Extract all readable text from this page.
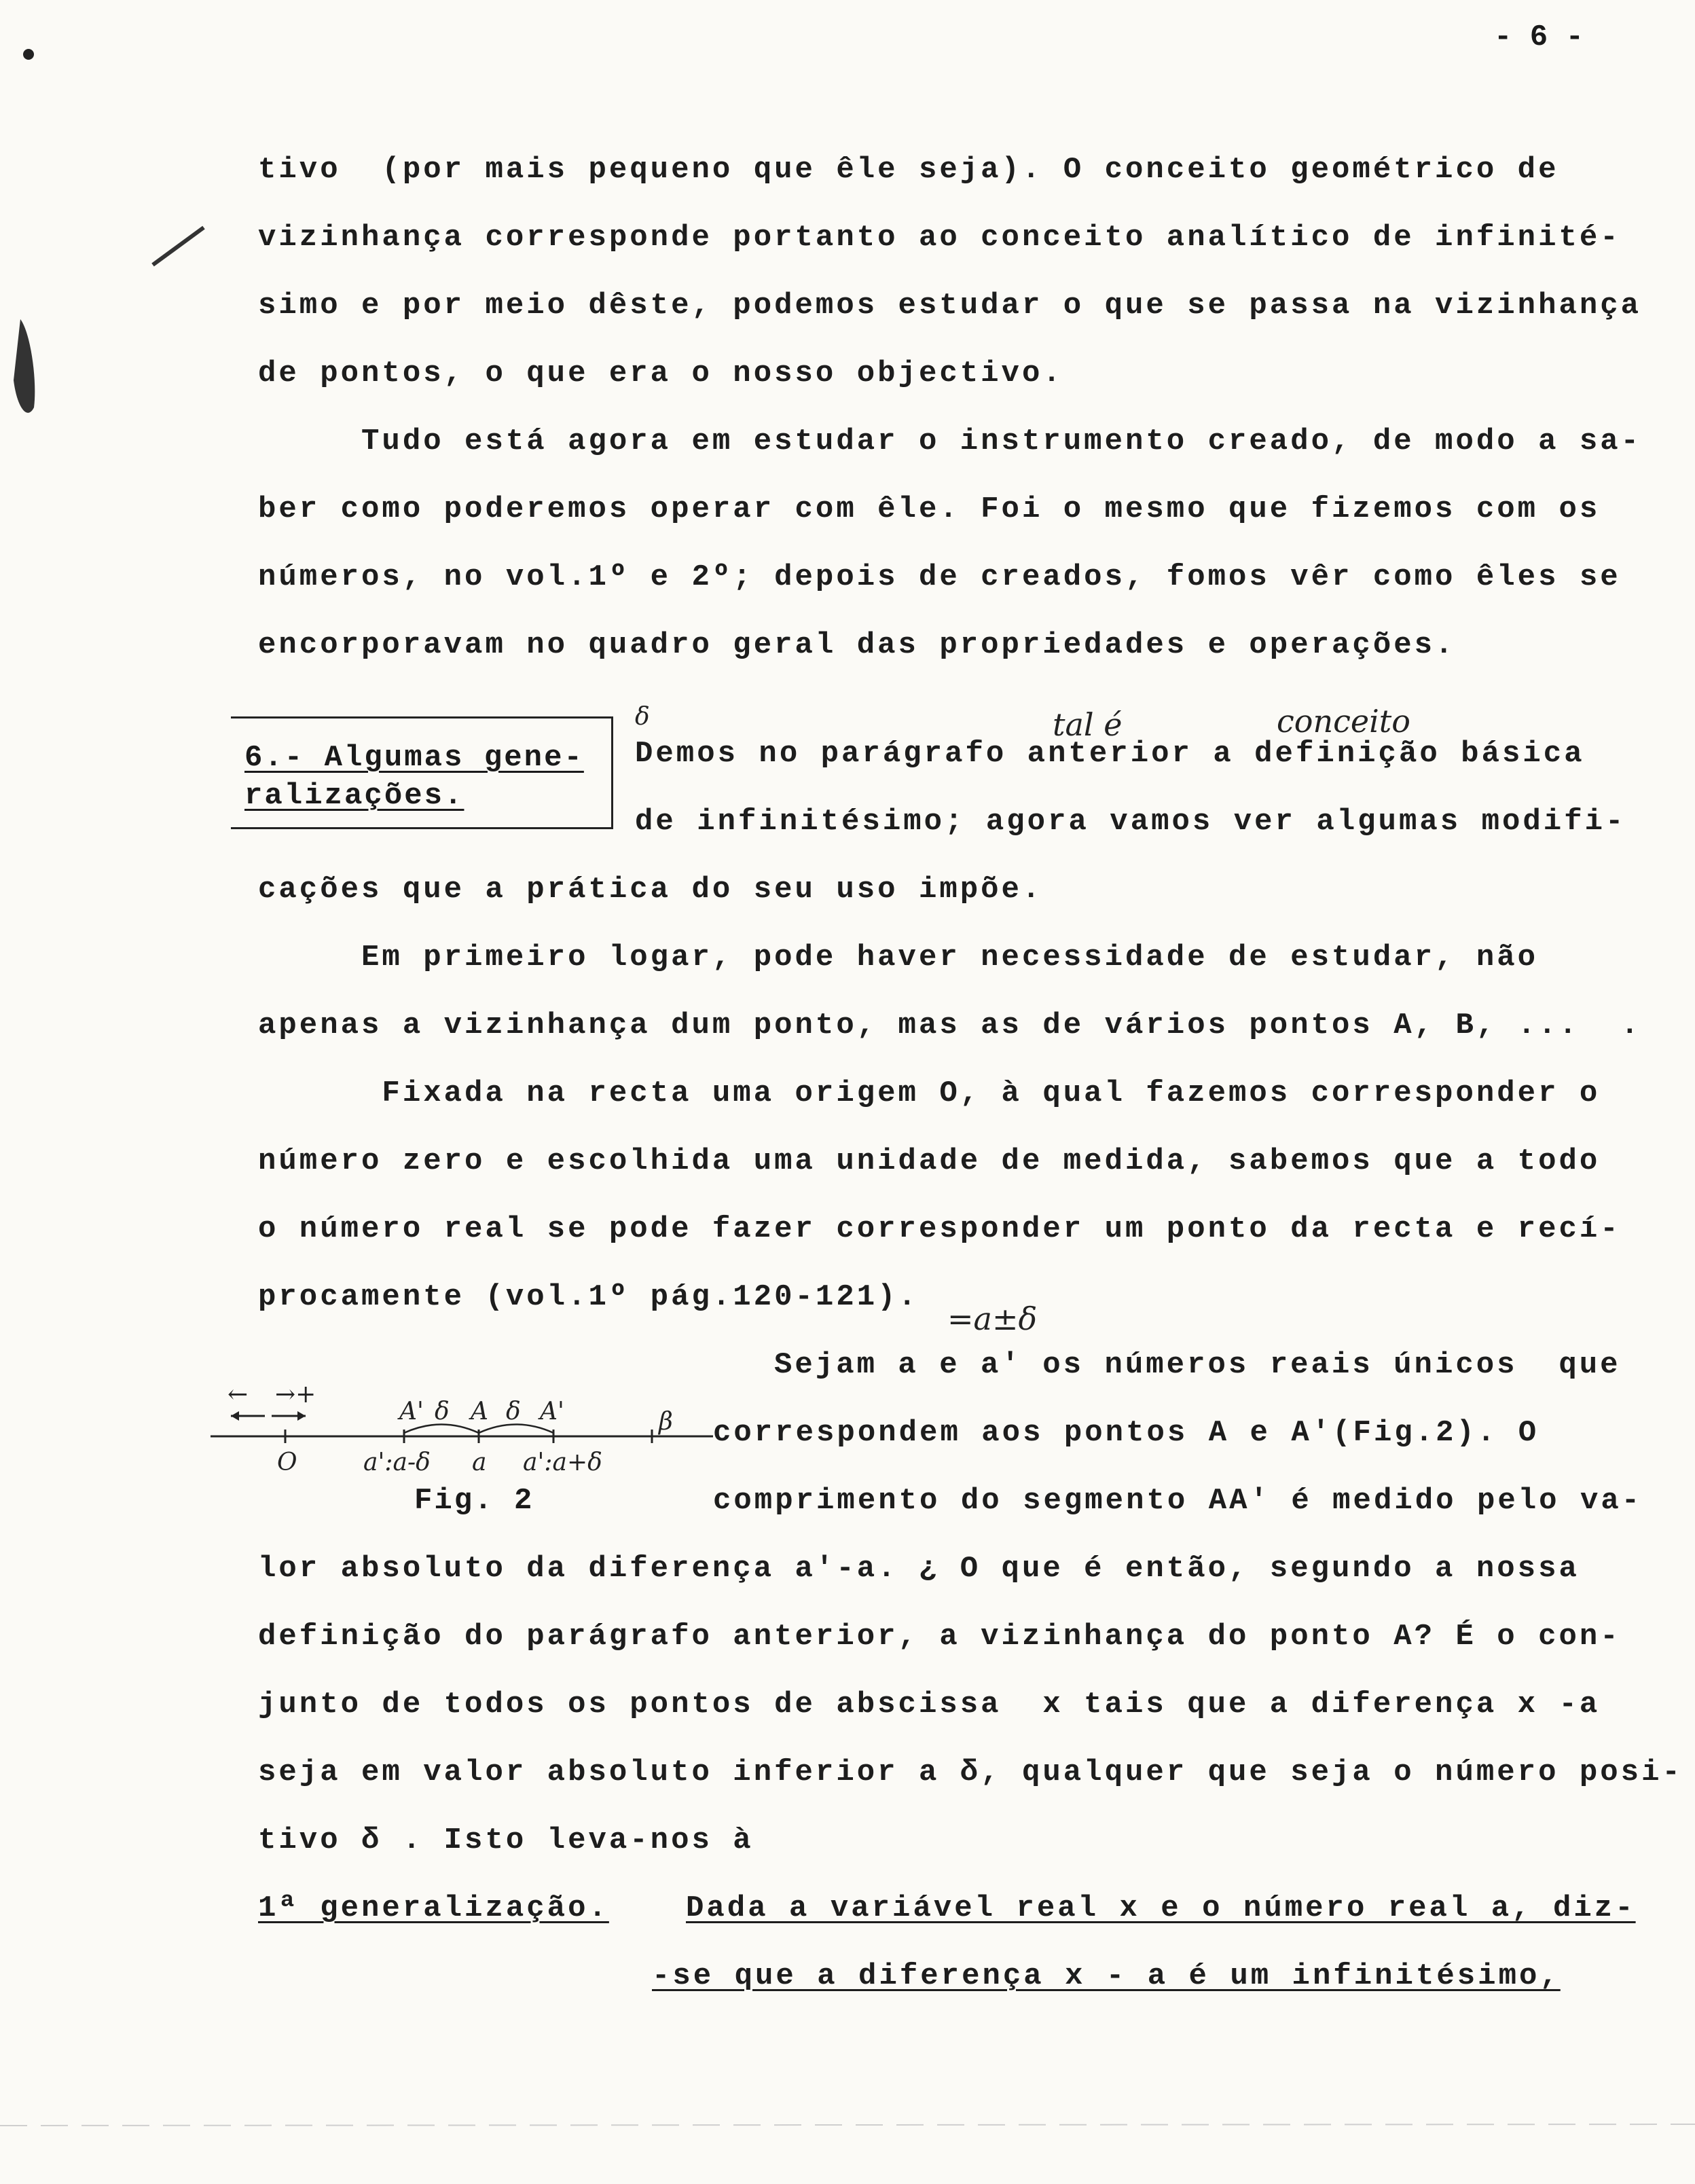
- 6 -
tivo  (por mais pequeno que êle seja). O conceito geométrico de
vizinhança corresponde portanto ao conceito analítico de infinité-
simo e por meio dêste, podemos estudar o que se passa na vizinhança
de pontos, o que era o nosso objectivo.
Tudo está agora em estudar o instrumento creado, de modo a sa-
ber como poderemos operar com êle. Foi o mesmo que fizemos com os
números, no vol.1º e 2º; depois de creados, fomos vêr como êles se
encorporavam no quadro geral das propriedades e operações.
6.- Algumas gene-
ralizações.
tal é	conceito
δ
Demos no parágrafo anterior a definição básica
de infinitésimo; agora vamos ver algumas modifi-
cações que a prática do seu uso impõe.
Em primeiro logar, pode haver necessidade de estudar, não
apenas a vizinhança dum ponto, mas as de vários pontos A, B, ...  .
Fixada na recta uma origem O, à qual fazemos corresponder o
número zero e escolhida uma unidade de medida, sabemos que a todo
o número real se pode fazer corresponder um ponto da recta e recí-
procamente (vol.1º pág.120-121).
=a±δ
Sejam a e a' os números reais únicos  que
correspondem aos pontos A e A'(Fig.2). O
comprimento do segmento AA' é medido pelo va-
← →+
A' δ A δ A'	β
O	a':a-δ a a':a+δ
Fig. 2
lor absoluto da diferença a'-a. ¿ O que é então, segundo a nossa
definição do parágrafo anterior, a vizinhança do ponto A? É o con-
junto de todos os pontos de abscissa  x tais que a diferença x -a
seja em valor absoluto inferior a δ, qualquer que seja o número posi-
tivo δ . Isto leva-nos à
1ª generalização.	Dada a variável real x e o número real a, diz-
-se que a diferença x - a é um infinitésimo,
